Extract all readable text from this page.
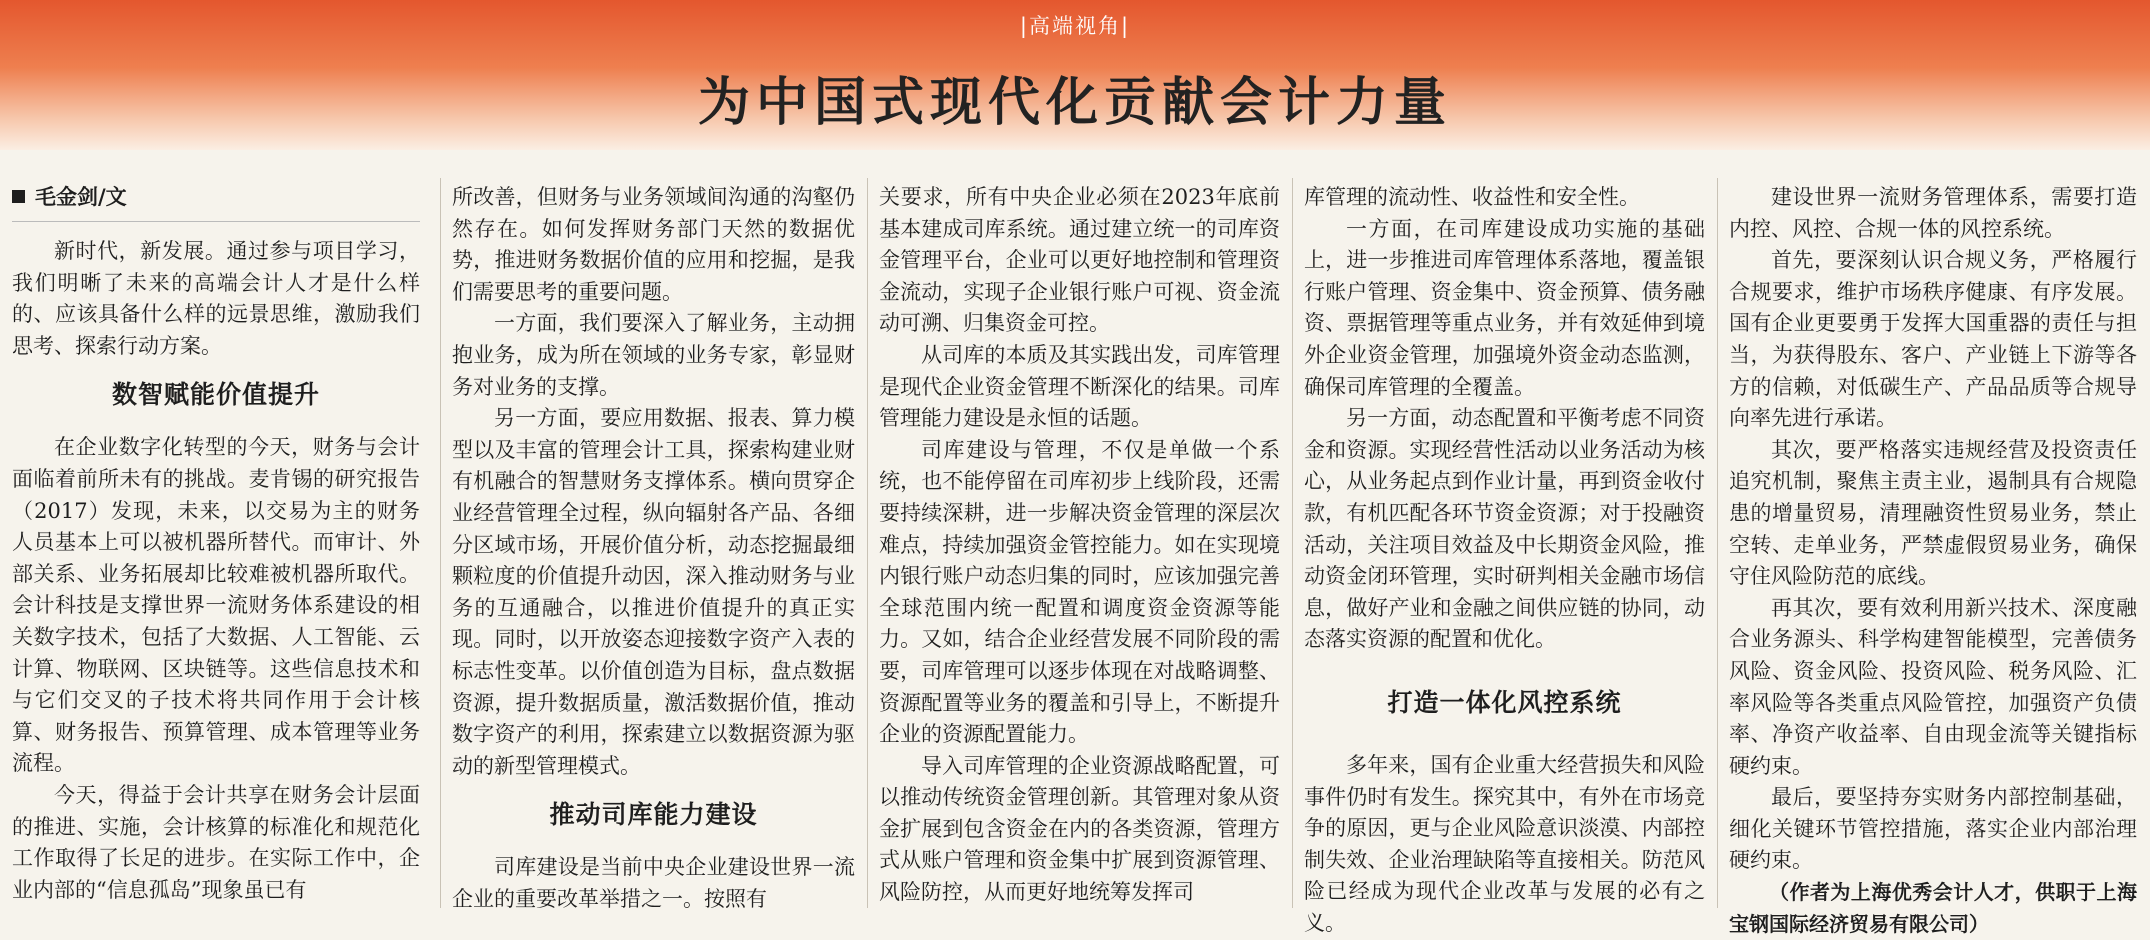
|高端视角|
为中国式现代化贡献会计力量
毛金剑/文

新时代，新发展。通过参与项目学习，我们明晰了未来的高端会计人才是什么样的、应该具备什么样的远景思维，激励我们思考、探索行动方案。

数智赋能价值提升

在企业数字化转型的今天，财务与会计面临着前所未有的挑战。麦肯锡的研究报告（2017）发现，未来，以交易为主的财务人员基本上可以被机器所替代。而审计、外部关系、业务拓展却比较难被机器所取代。会计科技是支撑世界一流财务体系建设的相关数字技术，包括了大数据、人工智能、云计算、物联网、区块链等。这些信息技术和与它们交叉的子技术将共同作用于会计核算、财务报告、预算管理、成本管理等业务流程。

今天，得益于会计共享在财务会计层面的推进、实施，会计核算的标准化和规范化工作取得了长足的进步。在实际工作中，企业内部的“信息孤岛”现象虽已有

所改善，但财务与业务领域间沟通的沟壑仍然存在。如何发挥财务部门天然的数据优势，推进财务数据价值的应用和挖掘，是我们需要思考的重要问题。

一方面，我们要深入了解业务，主动拥抱业务，成为所在领域的业务专家，彰显财务对业务的支撑。

另一方面，要应用数据、报表、算力模型以及丰富的管理会计工具，探索构建业财有机融合的智慧财务支撑体系。横向贯穿企业经营管理全过程，纵向辐射各产品、各细分区域市场，开展价值分析，动态挖掘最细颗粒度的价值提升动因，深入推动财务与业务的互通融合，以推进价值提升的真正实现。同时，以开放姿态迎接数字资产入表的标志性变革。以价值创造为目标，盘点数据资源，提升数据质量，激活数据价值，推动数字资产的利用，探索建立以数据资源为驱动的新型管理模式。

推动司库能力建设

司库建设是当前中央企业建设世界一流企业的重要改革举措之一。按照有

关要求，所有中央企业必须在2023年底前基本建成司库系统。通过建立统一的司库资金管理平台，企业可以更好地控制和管理资金流动，实现子企业银行账户可视、资金流动可溯、归集资金可控。

从司库的本质及其实践出发，司库管理是现代企业资金管理不断深化的结果。司库管理能力建设是永恒的话题。

司库建设与管理，不仅是单做一个系统，也不能停留在司库初步上线阶段，还需要持续深耕，进一步解决资金管理的深层次难点，持续加强资金管控能力。如在实现境内银行账户动态归集的同时，应该加强完善全球范围内统一配置和调度资金资源等能力。又如，结合企业经营发展不同阶段的需要，司库管理可以逐步体现在对战略调整、资源配置等业务的覆盖和引导上，不断提升企业的资源配置能力。

导入司库管理的企业资源战略配置，可以推动传统资金管理创新。其管理对象从资金扩展到包含资金在内的各类资源，管理方式从账户管理和资金集中扩展到资源管理、风险防控，从而更好地统筹发挥司

库管理的流动性、收益性和安全性。

一方面，在司库建设成功实施的基础上，进一步推进司库管理体系落地，覆盖银行账户管理、资金集中、资金预算、债务融资、票据管理等重点业务，并有效延伸到境外企业资金管理，加强境外资金动态监测，确保司库管理的全覆盖。

另一方面，动态配置和平衡考虑不同资金和资源。实现经营性活动以业务活动为核心，从业务起点到作业计量，再到资金收付款，有机匹配各环节资金资源；对于投融资活动，关注项目效益及中长期资金风险，推动资金闭环管理，实时研判相关金融市场信息，做好产业和金融之间供应链的协同，动态落实资源的配置和优化。

打造一体化风控系统

多年来，国有企业重大经营损失和风险事件仍时有发生。探究其中，有外在市场竞争的原因，更与企业风险意识淡漠、内部控制失效、企业治理缺陷等直接相关。防范风险已经成为现代企业改革与发展的必有之义。

建设世界一流财务管理体系，需要打造内控、风控、合规一体的风控系统。

首先，要深刻认识合规义务，严格履行合规要求，维护市场秩序健康、有序发展。国有企业更要勇于发挥大国重器的责任与担当，为获得股东、客户、产业链上下游等各方的信赖，对低碳生产、产品品质等合规导向率先进行承诺。

其次，要严格落实违规经营及投资责任追究机制，聚焦主责主业，遏制具有合规隐患的增量贸易，清理融资性贸易业务，禁止空转、走单业务，严禁虚假贸易业务，确保守住风险防范的底线。

再其次，要有效利用新兴技术、深度融合业务源头、科学构建智能模型，完善债务风险、资金风险、投资风险、税务风险、汇率风险等各类重点风险管控，加强资产负债率、净资产收益率、自由现金流等关键指标硬约束。

最后，要坚持夯实财务内部控制基础，细化关键环节管控措施，落实企业内部治理硬约束。

（作者为上海优秀会计人才，供职于上海宝钢国际经济贸易有限公司）
